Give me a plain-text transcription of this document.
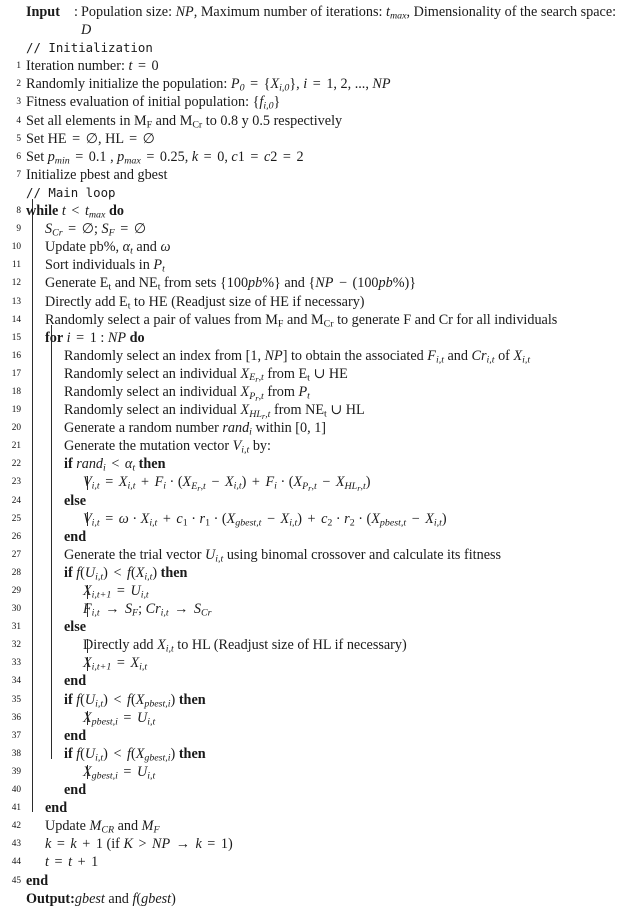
Input : Population size: NP, Maximum number of iterations: $t_{max}$, Dimensionality of the search space:
D
// Initialization
1 Iteration number: t = 0
2 Randomly initialize the population: $P_0 = \{X_{i,0}\}$, i = 1, 2, ..., NP
3 Fitness evaluation of initial population: $\{f_{i,0}\}$
4 Set all elements in $M_F$ and $M_{Cr}$ to 0.8 y 0.5 respectively
5 Set HE = ∅, HL = ∅
6 Set $p_{min} = 0.1$ , $p_{max} = 0.25$, k = 0, c1 = c2 = 2
7 Initialize pbest and gbest
// Main loop
8 while $t < t_{max}$ do
9	$S_{Cr}$ = ∅; $S_F$ = ∅
10	Update pb%, $\alpha_t$ and ω
11	Sort individuals in $P_t$
12	Generate $E_t$ and $NE_t$ from sets {100pb%} and {NP − (100pb%)}
13	Directly add $E_t$ to HE (Readjust size of HE if necessary)
14	Randomly select a pair of values from $M_F$ and $M_{Cr}$ to generate F and Cr for all individuals
15	for i = 1 : NP do
16	Randomly select an index from [1, NP] to obtain the associated $F_{i,t}$ and $Cr_{i,t}$ of $X_{i,t}$
17	Randomly select an individual $X_{E_r,t}$ from $E_t$ ∪ HE
18	Randomly select an individual $X_{P_r,t}$ from $P_t$
19	Randomly select an individual $X_{HL_r,t}$ from $NE_t$ ∪ HL
20	Generate a random number rand$_i$ within [0, 1]
21	Generate the mutation vector $V_{i,t}$ by:
22	if rand$_i$ < $\alpha_t$ then
23	$V_{i,t} = X_{i,t} + F_i \cdot (X_{E_r,t} - X_{i,t}) + F_i \cdot (X_{P_r,t} - X_{HL_r,t})$
24	else
25	$V_{i,t} = \omega \cdot X_{i,t} + c_1 \cdot r_1 \cdot (X_{gbest,t} - X_{i,t}) + c_2 \cdot r_2 \cdot (X_{pbest,t} - X_{i,t})$
26	end
27	Generate the trial vector $U_{i,t}$ using binomal crossover and calculate its fitness
28	if $f(U_{i,t}) < f(X_{i,t})$ then
29	$X_{i,t+1} = U_{i,t}$
30	$F_{i,t} \to S_F$; $Cr_{i,t} \to S_{Cr}$
31	else
32	Directly add $X_{i,t}$ to HL (Readjust size of HL if necessary)
33	$X_{i,t+1} = X_{i,t}$
34	end
35	if $f(U_{i,t}) < f(X_{pbest,i})$ then
36	$X_{pbest,i} = U_{i,t}$
37	end
38	if $f(U_{i,t}) < f(X_{gbest,i})$ then
39	$X_{gbest,i} = U_{i,t}$
40	end
41	end
42	Update $M_{CR}$ and $M_F$
43	k = k + 1 (if K > NP → k = 1)
44	t = t + 1
45 end
Output:gbest and f(gbest)
